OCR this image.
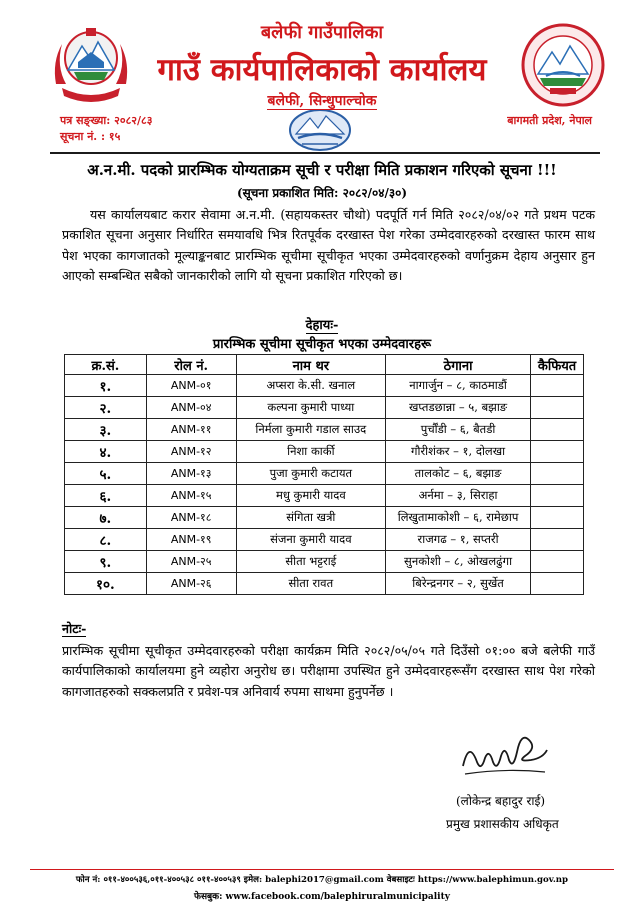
बलेफी गाउँपालिका
गाउँ कार्यपालिकाको कार्यालय
बलेफी, सिन्धुपाल्चोक
पत्र सङ्ख्या: २०८२/८३
सूचना नं. : १५
बागमती प्रदेश, नेपाल
अ.न.मी. पदको प्रारम्भिक योग्यताक्रम सूची र परीक्षा मिति प्रकाशन गरिएको सूचना !!!
(सूचना प्रकाशित मिति: २०८२/०४/३०)

यस कार्यालयबाट करार सेवामा अ.न.मी. (सहायकस्तर चौथो) पदपूर्ति गर्न मिति २०८२/०४/०२ गते प्रथम पटक प्रकाशित सूचना अनुसार निर्धारित समयावधि भित्र रितपूर्वक दरखास्त पेश गरेका उम्मेदवारहरुको दरखास्त फारम साथ पेश भएका कागजातको मूल्याङ्कनबाट प्रारम्भिक सूचीमा सूचीकृत भएका उम्मेदवारहरुको वर्णानुक्रम देहाय अनुसार हुन आएको सम्बन्धित सबैको जानकारीको लागि यो सूचना प्रकाशित गरिएको छ।

देहायः-
प्रारम्भिक सूचीमा सूचीकृत भएका उम्मेदवारहरू
क्र.सं.	रोल नं.	नाम थर	ठेगाना	कैफियत
१.	ANM-०१	अप्सरा के.सी. खनाल	नागार्जुन – ८, काठमाडौं	
२.	ANM-०४	कल्पना कुमारी पाध्या	खप्तडछान्ना – ५, बझाङ	
३.	ANM-११	निर्मला कुमारी गडाल साउद	पुर्चौंडी – ६, बैतडी	
४.	ANM-१२	निशा कार्की	गौरीशंकर – १, दोलखा	
५.	ANM-१३	पुजा कुमारी कटायत	तालकोट – ६, बझाङ	
६.	ANM-१५	मधु कुमारी यादव	अर्नमा – ३, सिराहा	
७.	ANM-१८	संगिता खत्री	लिखुतामाकोशी – ६, रामेछाप	
८.	ANM-१९	संजना कुमारी यादव	राजगढ – १, सप्तरी	
९.	ANM-२५	सीता भट्टराई	सुनकोशी – ८, ओखलढुंगा	
१०.	ANM-२६	सीता रावत	बिरेन्द्रनगर – २, सुर्खेत	
नोटः-

प्रारम्भिक सूचीमा सूचीकृत उम्मेदवारहरुको परीक्षा कार्यक्रम मिति २०८२/०५/०५ गते दिउँसो ०१:०० बजे बलेफी गाउँ कार्यपालिकाको कार्यालयमा हुने व्यहोरा अनुरोध छ। परीक्षामा उपस्थित हुने उम्मेदवारहरूसँग दरखास्त साथ पेश गरेको कागजातहरुको सक्कलप्रति र प्रवेश-पत्र अनिवार्य रुपमा साथमा हुनुपर्नेछ ।

(लोकेन्द्र बहादुर राई)
प्रमुख प्रशासकीय अधिकृत
फोन नं: ०११-४००५३६,०११-४००५३८ ०११-४००५३९ इमेल: balephi2017@gmail.com वेबसाइटः https://www.balephimun.gov.np
फेसबुक: www.facebook.com/balephiruralmunicipality
